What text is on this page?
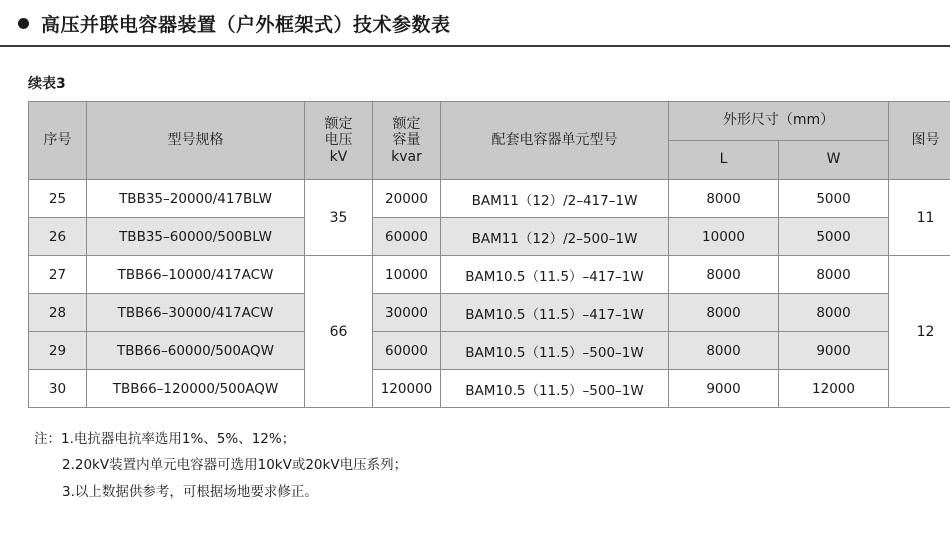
高压并联电容器装置（户外框架式）技术参数表
续表3
序号	型号规格	额定
电压
kV	额定
容量
kvar	配套电容器单元型号	外形尺寸（mm）		图号
					L	W	
25	TBB35–20000/417BLW	35	20000	BAM11（12）/2–417–1W	8000	5000	11
26	TBB35–60000/500BLW		60000	BAM11（12）/2–500–1W	10000	5000	
27	TBB66–10000/417ACW	66	10000	BAM10.5（11.5）–417–1W	8000	8000	12
28	TBB66–30000/417ACW		30000	BAM10.5（11.5）–417–1W	8000	8000	
29	TBB66–60000/500AQW		60000	BAM10.5（11.5）–500–1W	8000	9000	
30	TBB66–120000/500AQW		120000	BAM10.5（11.5）–500–1W	9000	12000	
注：1.电抗器电抗率选用1%、5%、12%；
2.20kV装置内单元电容器可选用10kV或20kV电压系列；
3.以上数据供参考，可根据场地要求修正。
